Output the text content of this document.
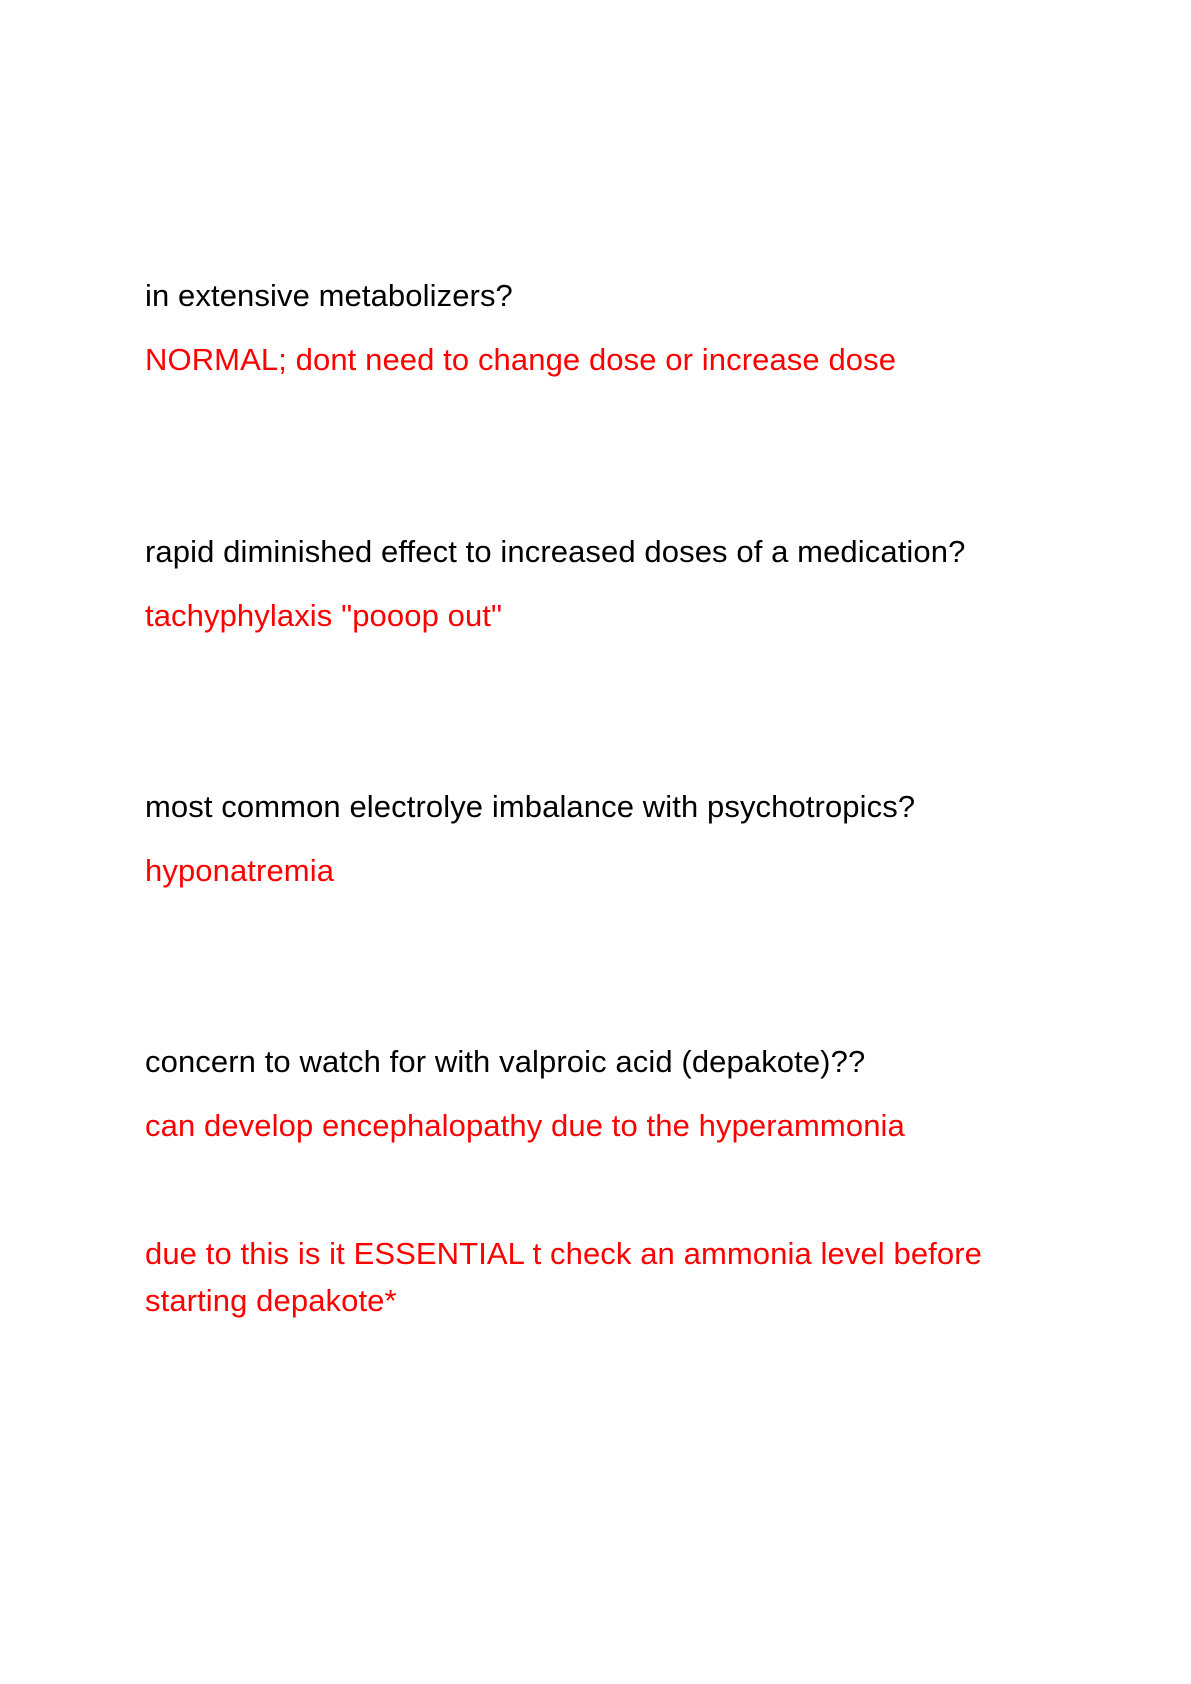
in extensive metabolizers?

NORMAL; dont need to change dose or increase dose

rapid diminished effect to increased doses of a medication?

tachyphylaxis "pooop out"

most common electrolye imbalance with psychotropics?

hyponatremia

concern to watch for with valproic acid (depakote)??

can develop encephalopathy due to the hyperammonia

due to this is it ESSENTIAL t check an ammonia level before

starting depakote*
